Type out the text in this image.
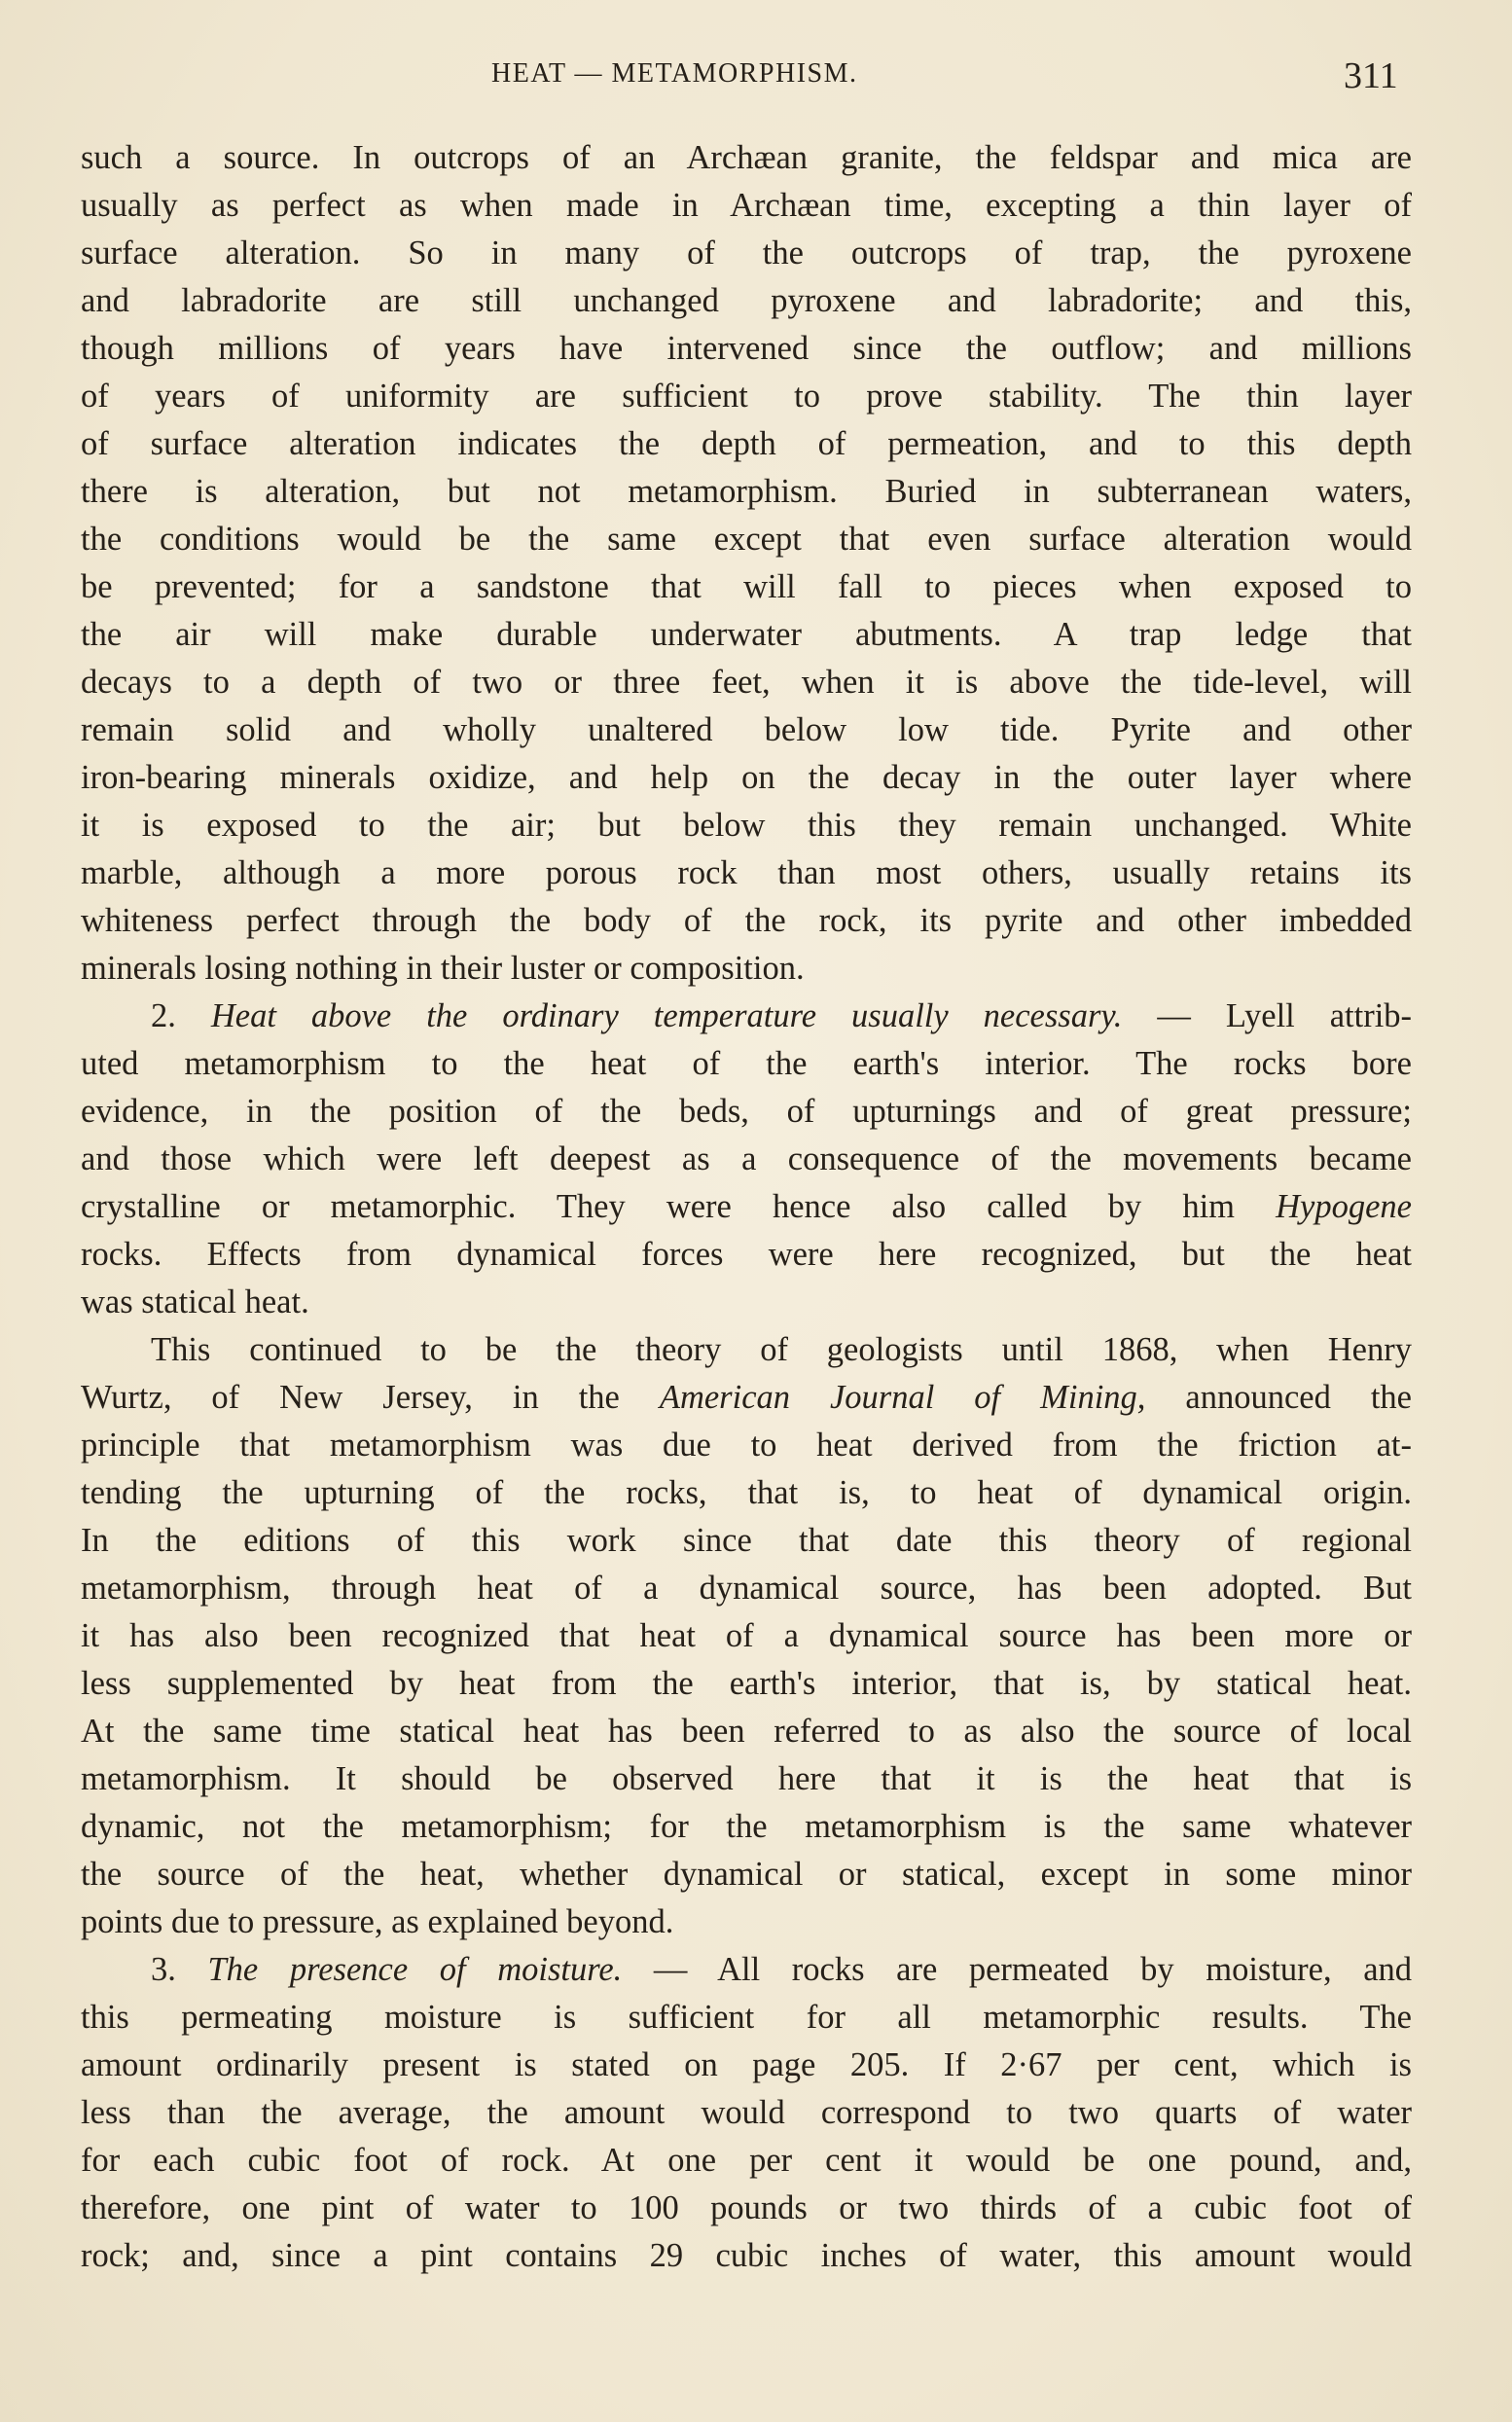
HEAT — METAMORPHISM.	311
such a source. In outcrops of an Archæan granite, the feldspar and mica are
usually as perfect as when made in Archæan time, excepting a thin layer of
surface alteration. So in many of the outcrops of trap, the pyroxene
and labradorite are still unchanged pyroxene and labradorite; and this,
though millions of years have intervened since the outflow; and millions
of years of uniformity are sufficient to prove stability. The thin layer
of surface alteration indicates the depth of permeation, and to this depth
there is alteration, but not metamorphism. Buried in subterranean waters,
the conditions would be the same except that even surface alteration would
be prevented; for a sandstone that will fall to pieces when exposed to
the air will make durable underwater abutments. A trap ledge that
decays to a depth of two or three feet, when it is above the tide-level, will
remain solid and wholly unaltered below low tide. Pyrite and other
iron-bearing minerals oxidize, and help on the decay in the outer layer where
it is exposed to the air; but below this they remain unchanged. White
marble, although a more porous rock than most others, usually retains its
whiteness perfect through the body of the rock, its pyrite and other imbedded
minerals losing nothing in their luster or composition.
2. Heat above the ordinary temperature usually necessary. — Lyell attrib-
uted metamorphism to the heat of the earth's interior. The rocks bore
evidence, in the position of the beds, of upturnings and of great pressure;
and those which were left deepest as a consequence of the movements became
crystalline or metamorphic. They were hence also called by him Hypogene
rocks. Effects from dynamical forces were here recognized, but the heat
was statical heat.
This continued to be the theory of geologists until 1868, when Henry
Wurtz, of New Jersey, in the American Journal of Mining, announced the
principle that metamorphism was due to heat derived from the friction at-
tending the upturning of the rocks, that is, to heat of dynamical origin.
In the editions of this work since that date this theory of regional
metamorphism, through heat of a dynamical source, has been adopted. But
it has also been recognized that heat of a dynamical source has been more or
less supplemented by heat from the earth's interior, that is, by statical heat.
At the same time statical heat has been referred to as also the source of local
metamorphism. It should be observed here that it is the heat that is
dynamic, not the metamorphism; for the metamorphism is the same whatever
the source of the heat, whether dynamical or statical, except in some minor
points due to pressure, as explained beyond.
3. The presence of moisture. — All rocks are permeated by moisture, and
this permeating moisture is sufficient for all metamorphic results. The
amount ordinarily present is stated on page 205. If 2·67 per cent, which is
less than the average, the amount would correspond to two quarts of water
for each cubic foot of rock. At one per cent it would be one pound, and,
therefore, one pint of water to 100 pounds or two thirds of a cubic foot of
rock; and, since a pint contains 29 cubic inches of water, this amount would
